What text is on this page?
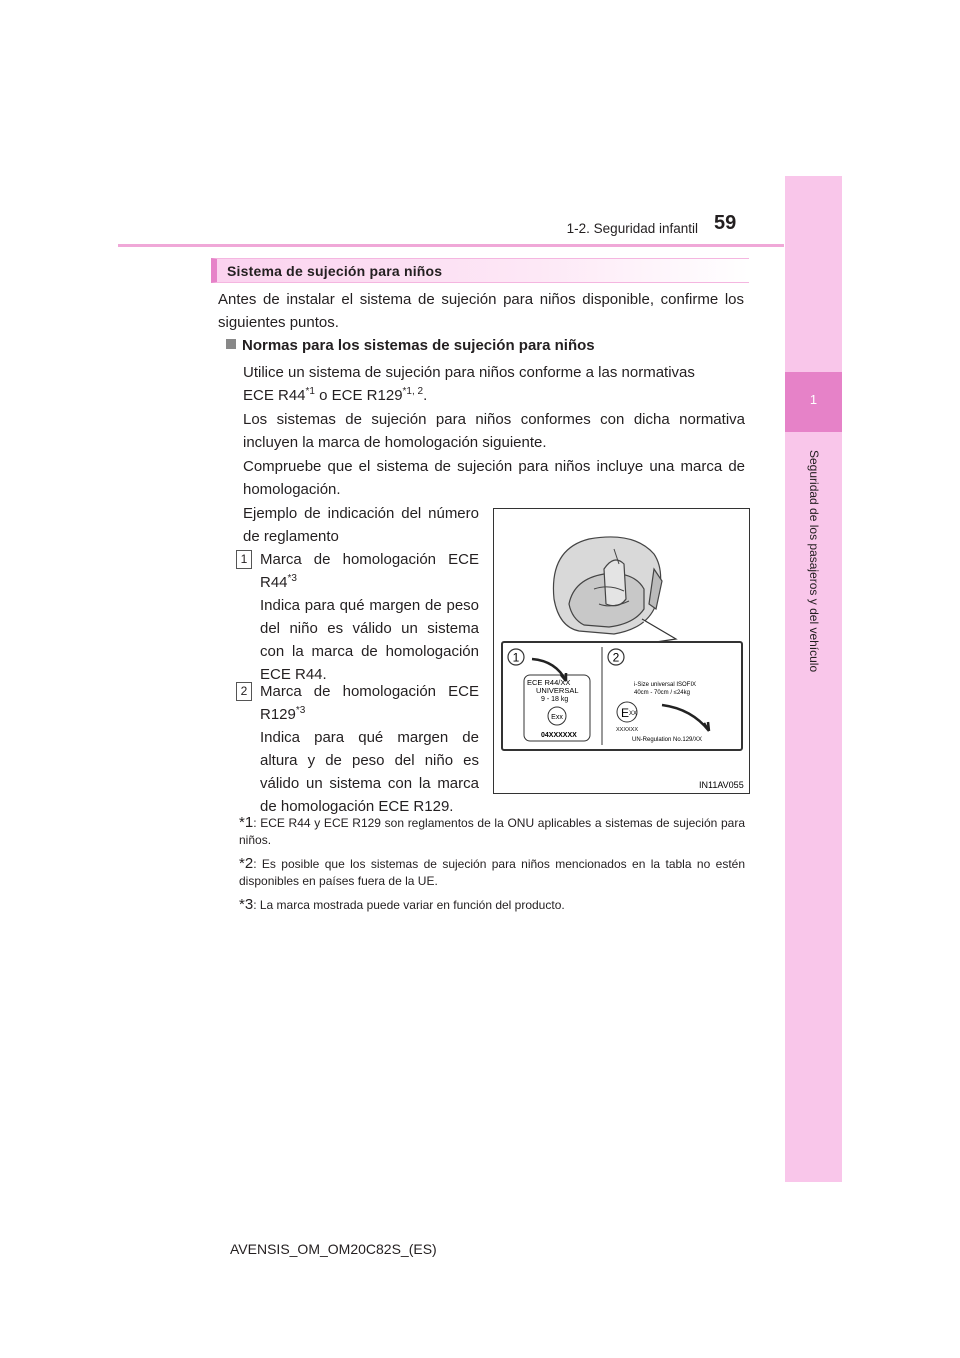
1-2. Seguridad infantil 59
1
Seguridad de los pasajeros y del vehículo
Sistema de sujeción para niños
Antes de instalar el sistema de sujeción para niños disponible, confirme los siguientes puntos.
Normas para los sistemas de sujeción para niños
Utilice un sistema de sujeción para niños conforme a las normativas
ECE R44$^{*1}$ o ECE R129$^{*1, 2}$.
Los sistemas de sujeción para niños conformes con dicha normativa incluyen la marca de homologación siguiente.
Compruebe que el sistema de sujeción para niños incluye una marca de homologación.
Ejemplo de indicación del número de reglamento
1 Marca de homologación ECE R44$^{*3}$
Indica para qué margen de peso del niño es válido un sistema con la marca de homologación ECE R44.
2 Marca de homologación ECE R129$^{*3}$
Indica para qué margen de altura y de peso del niño es válido un sistema con la marca de homologación ECE R129.
1	2
ECE R44/XX
UNIVERSAL
9 - 18 kg
Exx
04XXXXXX
i-Size universal ISOFIX
40cm - 70cm / ≤24kg
E XX
XXXXXX
UN-Regulation No.129/XX
IN11AV055
*1: ECE R44 y ECE R129 son reglamentos de la ONU aplicables a sistemas de sujeción para niños.
*2: Es posible que los sistemas de sujeción para niños mencionados en la tabla no estén disponibles en países fuera de la UE.
*3: La marca mostrada puede variar en función del producto.
AVENSIS_OM_OM20C82S_(ES)
